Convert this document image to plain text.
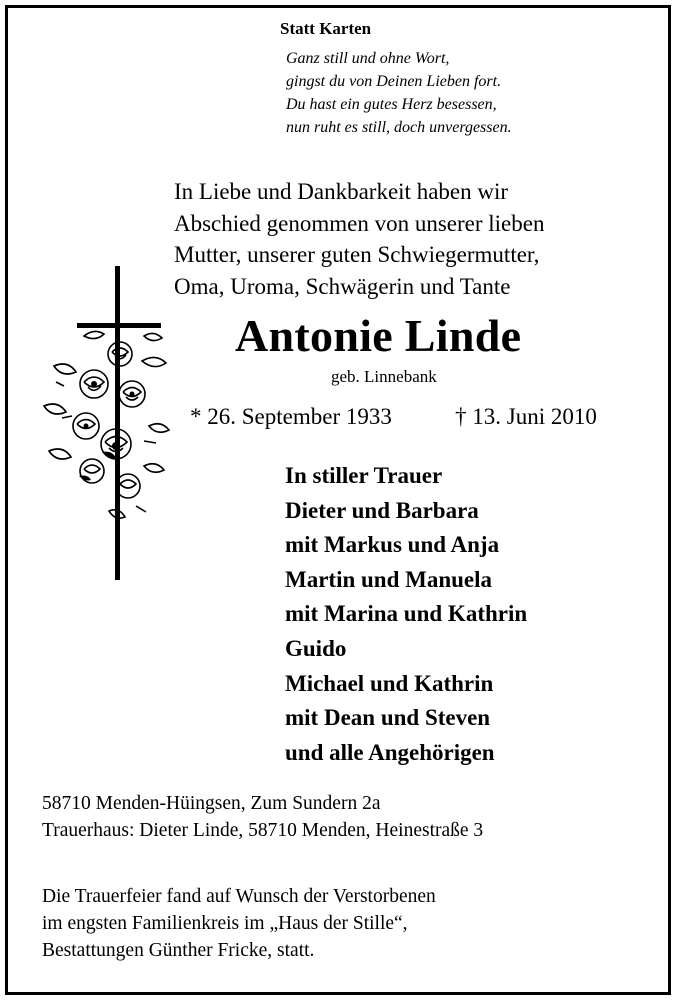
Statt Karten
Ganz still und ohne Wort,
gingst du von Deinen Lieben fort.
Du hast ein gutes Herz besessen,
nun ruht es still, doch unvergessen.
In Liebe und Dankbarkeit haben wir
Abschied genommen von unserer lieben
Mutter, unserer guten Schwiegermutter,
Oma, Uroma, Schwägerin und Tante
Antonie Linde
geb. Linnebank
* 26. September 1933	† 13. Juni 2010
In stiller Trauer
Dieter und Barbara
mit Markus und Anja
Martin und Manuela
mit Marina und Kathrin
Guido
Michael und Kathrin
mit Dean und Steven
und alle Angehörigen
58710 Menden-Hüingsen, Zum Sundern 2a
Trauerhaus: Dieter Linde, 58710 Menden, Heinestraße 3
Die Trauerfeier fand auf Wunsch der Verstorbenen
im engsten Familienkreis im „Haus der Stille“,
Bestattungen Günther Fricke, statt.
